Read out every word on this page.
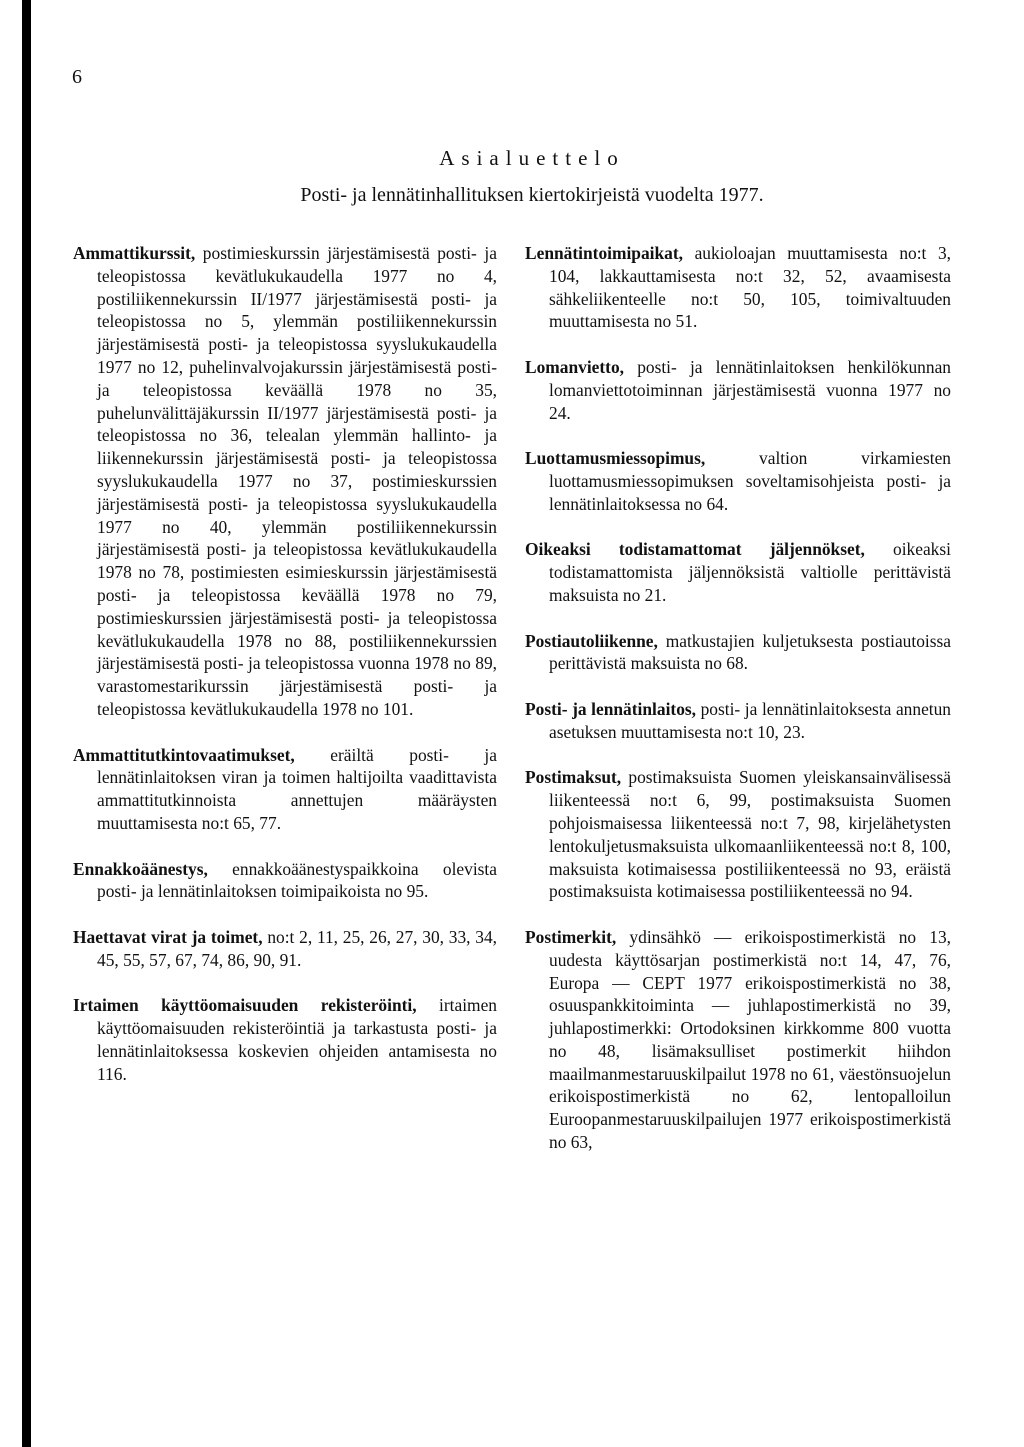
6
Asialuettelo
Posti- ja lennätinhallituksen kiertokirjeistä vuodelta 1977.

Ammattikurssit, postimieskurssin järjestämisestä posti- ja teleopistossa kevätlukukaudella 1977 no 4, postiliikennekurssin II/1977 järjestämisestä posti- ja teleopistossa no 5, ylemmän postiliikennekurssin järjestämisestä posti- ja teleopistossa syyslukukaudella 1977 no 12, puhelinvalvojakurssin järjestämisestä posti- ja teleopistossa keväällä 1978 no 35, puhelunvälittäjäkurssin II/1977 järjestämisestä posti- ja teleopistossa no 36, telealan ylemmän hallinto- ja liikennekurssin järjestämisestä posti- ja teleopistossa syyslukukaudella 1977 no 37, postimieskurssien järjestämisestä posti- ja teleopistossa syyslukukaudella 1977 no 40, ylemmän postiliikennekurssin järjestämisestä posti- ja teleopistossa kevätlukukaudella 1978 no 78, postimiesten esimieskurssin järjestämisestä posti- ja teleopistossa keväällä 1978 no 79, postimieskurssien järjestämisestä posti- ja teleopistossa kevätlukukaudella 1978 no 88, postiliikennekurssien järjestämisestä posti- ja teleopistossa vuonna 1978 no 89, varastomestarikurssin järjestämisestä posti- ja teleopistossa kevätlukukaudella 1978 no 101.

Ammattitutkintovaatimukset, eräiltä posti- ja lennätinlaitoksen viran ja toimen haltijoilta vaadittavista ammattitutkinnoista annettujen määräysten muuttamisesta no:t 65, 77.

Ennakkoäänestys, ennakkoäänestyspaikkoina olevista posti- ja lennätinlaitoksen toimipaikoista no 95.

Haettavat virat ja toimet, no:t 2, 11, 25, 26, 27, 30, 33, 34, 45, 55, 57, 67, 74, 86, 90, 91.

Irtaimen käyttöomaisuuden rekisteröinti, irtaimen käyttöomaisuuden rekisteröintiä ja tarkastusta posti- ja lennätinlaitoksessa koskevien ohjeiden antamisesta no 116.

Lennätintoimipaikat, aukioloajan muuttamisesta no:t 3, 104, lakkauttamisesta no:t 32, 52, avaamisesta sähkeliikenteelle no:t 50, 105, toimivaltuuden muuttamisesta no 51.

Lomanvietto, posti- ja lennätinlaitoksen henkilökunnan lomanviettotoiminnan järjestämisestä vuonna 1977 no 24.

Luottamusmiessopimus,	valtion virkamiesten luottamusmiessopimuksen soveltamisohjeista posti- ja lennätinlaitoksessa no 64.

Oikeaksi todistamattomat jäljennökset, oikeaksi todistamattomista jäljennöksistä valtiolle perittävistä maksuista no 21.

Postiautoliikenne, matkustajien kuljetuksesta postiautoissa perittävistä maksuista no 68.

Posti- ja lennätinlaitos, posti- ja lennätinlaitoksesta annetun asetuksen muuttamisesta no:t 10, 23.

Postimaksut, postimaksuista Suomen yleiskansainvälisessä liikenteessä no:t 6, 99, postimaksuista Suomen pohjoismaisessa liikenteessä no:t 7, 98, kirjelähetysten lentokuljetusmaksuista ulkomaanliikenteessä no:t 8, 100, maksuista kotimaisessa postiliikenteessä no 93, eräistä postimaksuista kotimaisessa postiliikenteessä no 94.

Postimerkit, ydinsähkö — erikoispostimerkistä no 13, uudesta käyttösarjan postimerkistä no:t 14, 47, 76, Europa — CEPT 1977 erikoispostimerkistä no 38, osuuspankkitoiminta — juhlapostimerkistä no 39, juhlapostimerkki: Ortodoksinen kirkkomme 800 vuotta no 48, lisämaksulliset postimerkit hiihdon maailmanmestaruuskilpailut 1978 no 61, väestönsuojelun erikoispostimerkistä no 62, lentopalloilun Euroopanmestaruuskilpailujen 1977 erikoispostimerkistä no 63,
